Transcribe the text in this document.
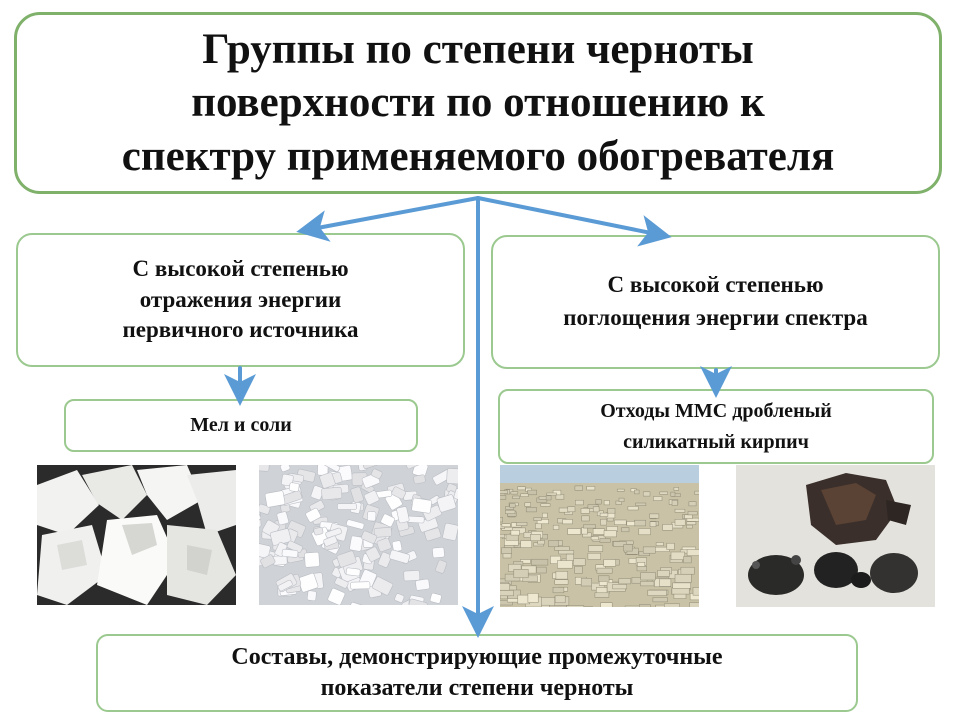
Группы по степени черноты
поверхности по отношению к
спектру применяемого обогревателя
С высокой степенью
отражения энергии
первичного источника
С высокой степенью
поглощения энергии спектра
Мел и соли
Отходы ММС дробленый
силикатный кирпич
Составы, демонстрирующие промежуточные
показатели степени черноты
